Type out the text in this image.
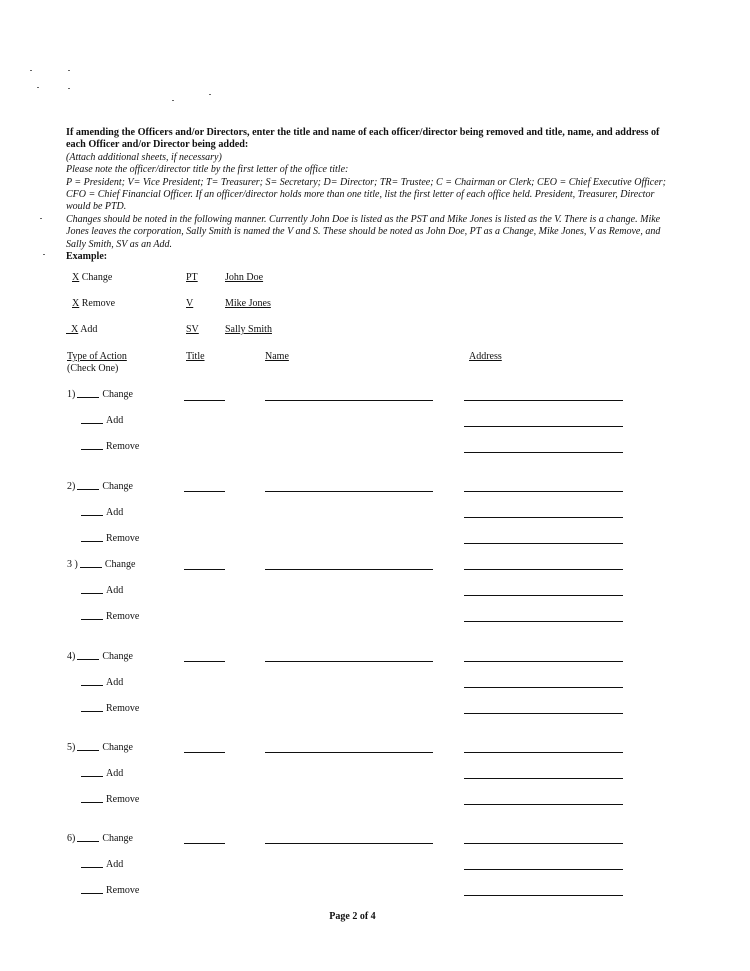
If amending the Officers and/or Directors, enter the title and name of each officer/director being removed and title, name, and address of each Officer and/or Director being added:
(Attach additional sheets, if necessary)
Please note the officer/director title by the first letter of the office title:
P = President; V= Vice President; T= Treasurer; S= Secretary; D= Director; TR= Trustee; C = Chairman or Clerk; CEO = Chief Executive Officer; CFO = Chief Financial Officer. If an officer/director holds more than one title, list the first letter of each office held. President, Treasurer, Director would be PTD.
Changes should be noted in the following manner. Currently John Doe is listed as the PST and Mike Jones is listed as the V. There is a change. Mike Jones leaves the corporation, Sally Smith is named the V and S. These should be noted as John Doe, PT as a Change, Mike Jones, V as Remove, and Sally Smith, SV as an Add.
Example:
X Change	PT	John Doe
X Remove	V	Mike Jones
X Add	SV	Sally Smith
Type of Action
(Check One)
Title	Name	Address
1)	Change
Add
Remove
2)	Change
Add
Remove
3 )	Change
Add
Remove
4)	Change
Add
Remove
5)	Change
Add
Remove
6)	Change
Add
Remove
Page 2 of 4
